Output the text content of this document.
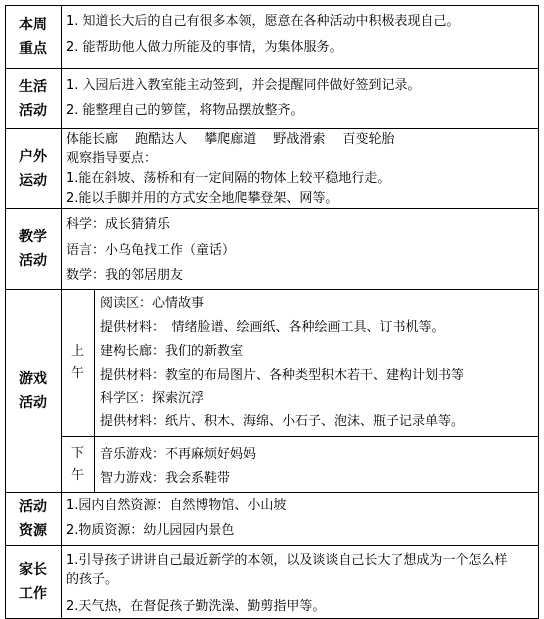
本周重点
1. 知道长大后的自己有很多本领，愿意在各种活动中积极表现自己。
2. 能帮助他人做力所能及的事情，为集体服务。
生活活动
1. 入园后进入教室能主动签到，并会提醒同伴做好签到记录。
2. 能整理自己的箩筐，将物品摆放整齐。
户外运动
体能长廊　 跑酷达人　 攀爬廊道　 野战滑索　 百变轮胎
观察指导要点：
1.能在斜坡、荡桥和有一定间隔的物体上较平稳地行走。
2.能以手脚并用的方式安全地爬攀登架、网等。
教学活动
科学：成长猜猜乐
语言：小乌龟找工作（童话）
数学：我的邻居朋友
游戏活动
上午
阅读区：心情故事
提供材料：　情绪脸谱、绘画纸、各种绘画工具、订书机等。
建构长廊：我们的新教室
提供材料：教室的布局图片、各种类型积木若干、建构计划书等
科学区：探索沉浮
提供材料：纸片、积木、海绵、小石子、泡沫、瓶子记录单等。
下午
音乐游戏：不再麻烦好妈妈
智力游戏：我会系鞋带
活动资源
1.园内自然资源：自然博物馆、小山坡
2.物质资源：幼儿园园内景色
家长工作
1.引导孩子讲讲自己最近新学的本领，以及谈谈自己长大了想成为一个怎么样的孩子。
2.天气热，在督促孩子勤洗澡、勤剪指甲等。
